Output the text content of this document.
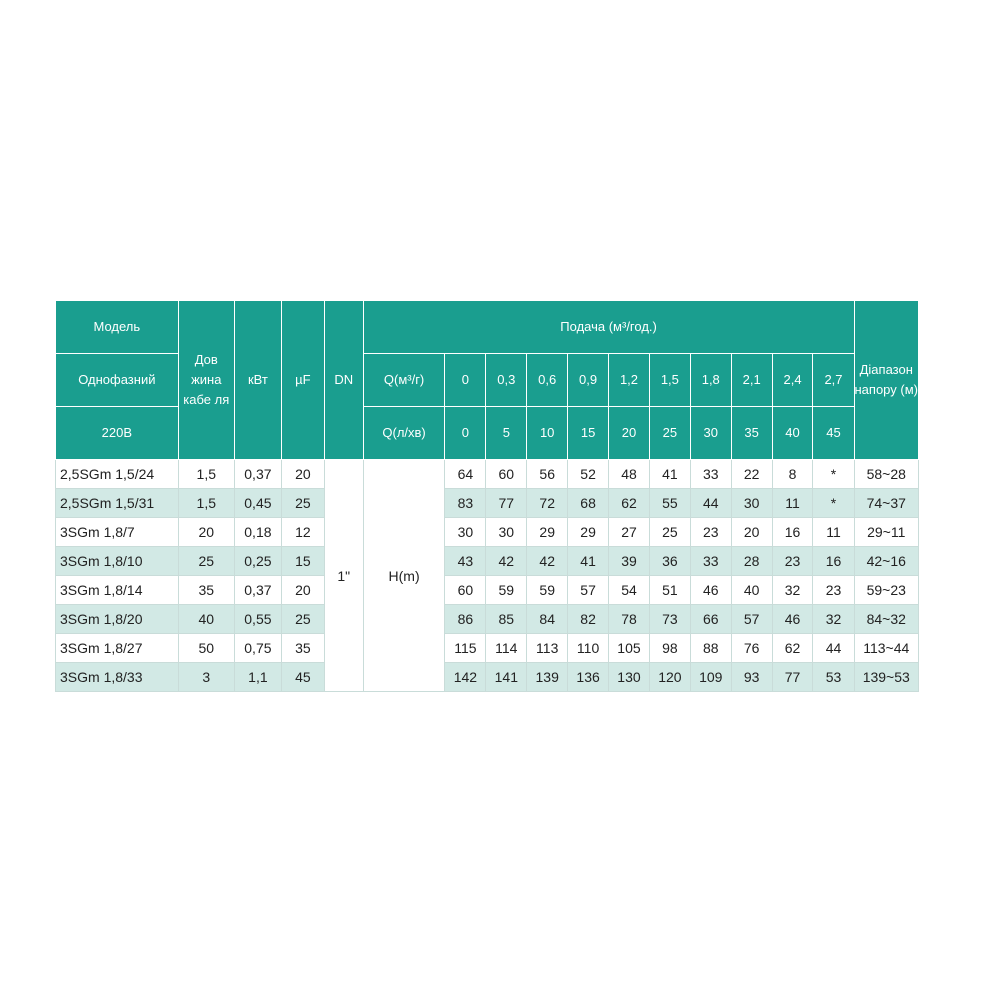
Модель	Дов жина кабе ля	кВт	µF	DN	Подача (м³/год.)											Діапазон напору (м)
Однофазний					Q(м³/г)	0	0,3	0,6	0,9	1,2	1,5	1,8	2,1	2,4	2,7	
220В					Q(л/хв)	0	5	10	15	20	25	30	35	40	45	
2,5SGm 1,5/24	1,5	0,37	20	1"	H(m)	64	60	56	52	48	41	33	22	8	*	58~28
2,5SGm 1,5/31	1,5	0,45	25			83	77	72	68	62	55	44	30	11	*	74~37
3SGm 1,8/7	20	0,18	12			30	30	29	29	27	25	23	20	16	11	29~11
3SGm 1,8/10	25	0,25	15			43	42	42	41	39	36	33	28	23	16	42~16
3SGm 1,8/14	35	0,37	20			60	59	59	57	54	51	46	40	32	23	59~23
3SGm 1,8/20	40	0,55	25			86	85	84	82	78	73	66	57	46	32	84~32
3SGm 1,8/27	50	0,75	35			115	114	113	110	105	98	88	76	62	44	113~44
3SGm 1,8/33	3	1,1	45			142	141	139	136	130	120	109	93	77	53	139~53
